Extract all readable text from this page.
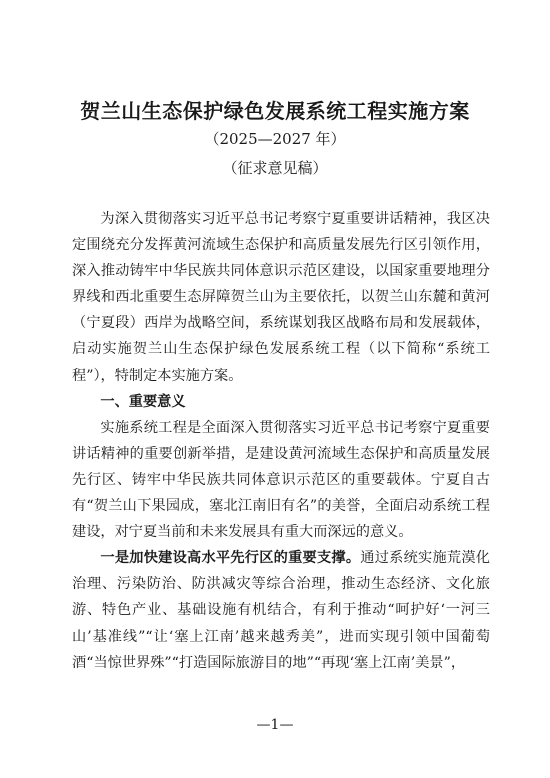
贺兰山生态保护绿色发展系统工程实施方案
（2025—2027 年）
（征求意见稿）

为深入贯彻落实习近平总书记考察宁夏重要讲话精神，我区决定围绕充分发挥黄河流域生态保护和高质量发展先行区引领作用，深入推动铸牢中华民族共同体意识示范区建设，以国家重要地理分界线和西北重要生态屏障贺兰山为主要依托，以贺兰山东麓和黄河（宁夏段）西岸为战略空间，系统谋划我区战略布局和发展载体，启动实施贺兰山生态保护绿色发展系统工程（以下简称“系统工程”），特制定本实施方案。

一、重要意义

实施系统工程是全面深入贯彻落实习近平总书记考察宁夏重要讲话精神的重要创新举措，是建设黄河流域生态保护和高质量发展先行区、铸牢中华民族共同体意识示范区的重要载体。宁夏自古有“贺兰山下果园成，塞北江南旧有名”的美誉，全面启动系统工程建设，对宁夏当前和未来发展具有重大而深远的意义。

一是加快建设高水平先行区的重要支撑。通过系统实施荒漠化治理、污染防治、防洪减灾等综合治理，推动生态经济、文化旅游、特色产业、基础设施有机结合，有利于推动“呵护好‘一河三山’基准线”“让‘塞上江南’越来越秀美”，进而实现引领中国葡萄酒“当惊世界殊”“打造国际旅游目的地”“再现‘塞上江南’美景”，

—1—
